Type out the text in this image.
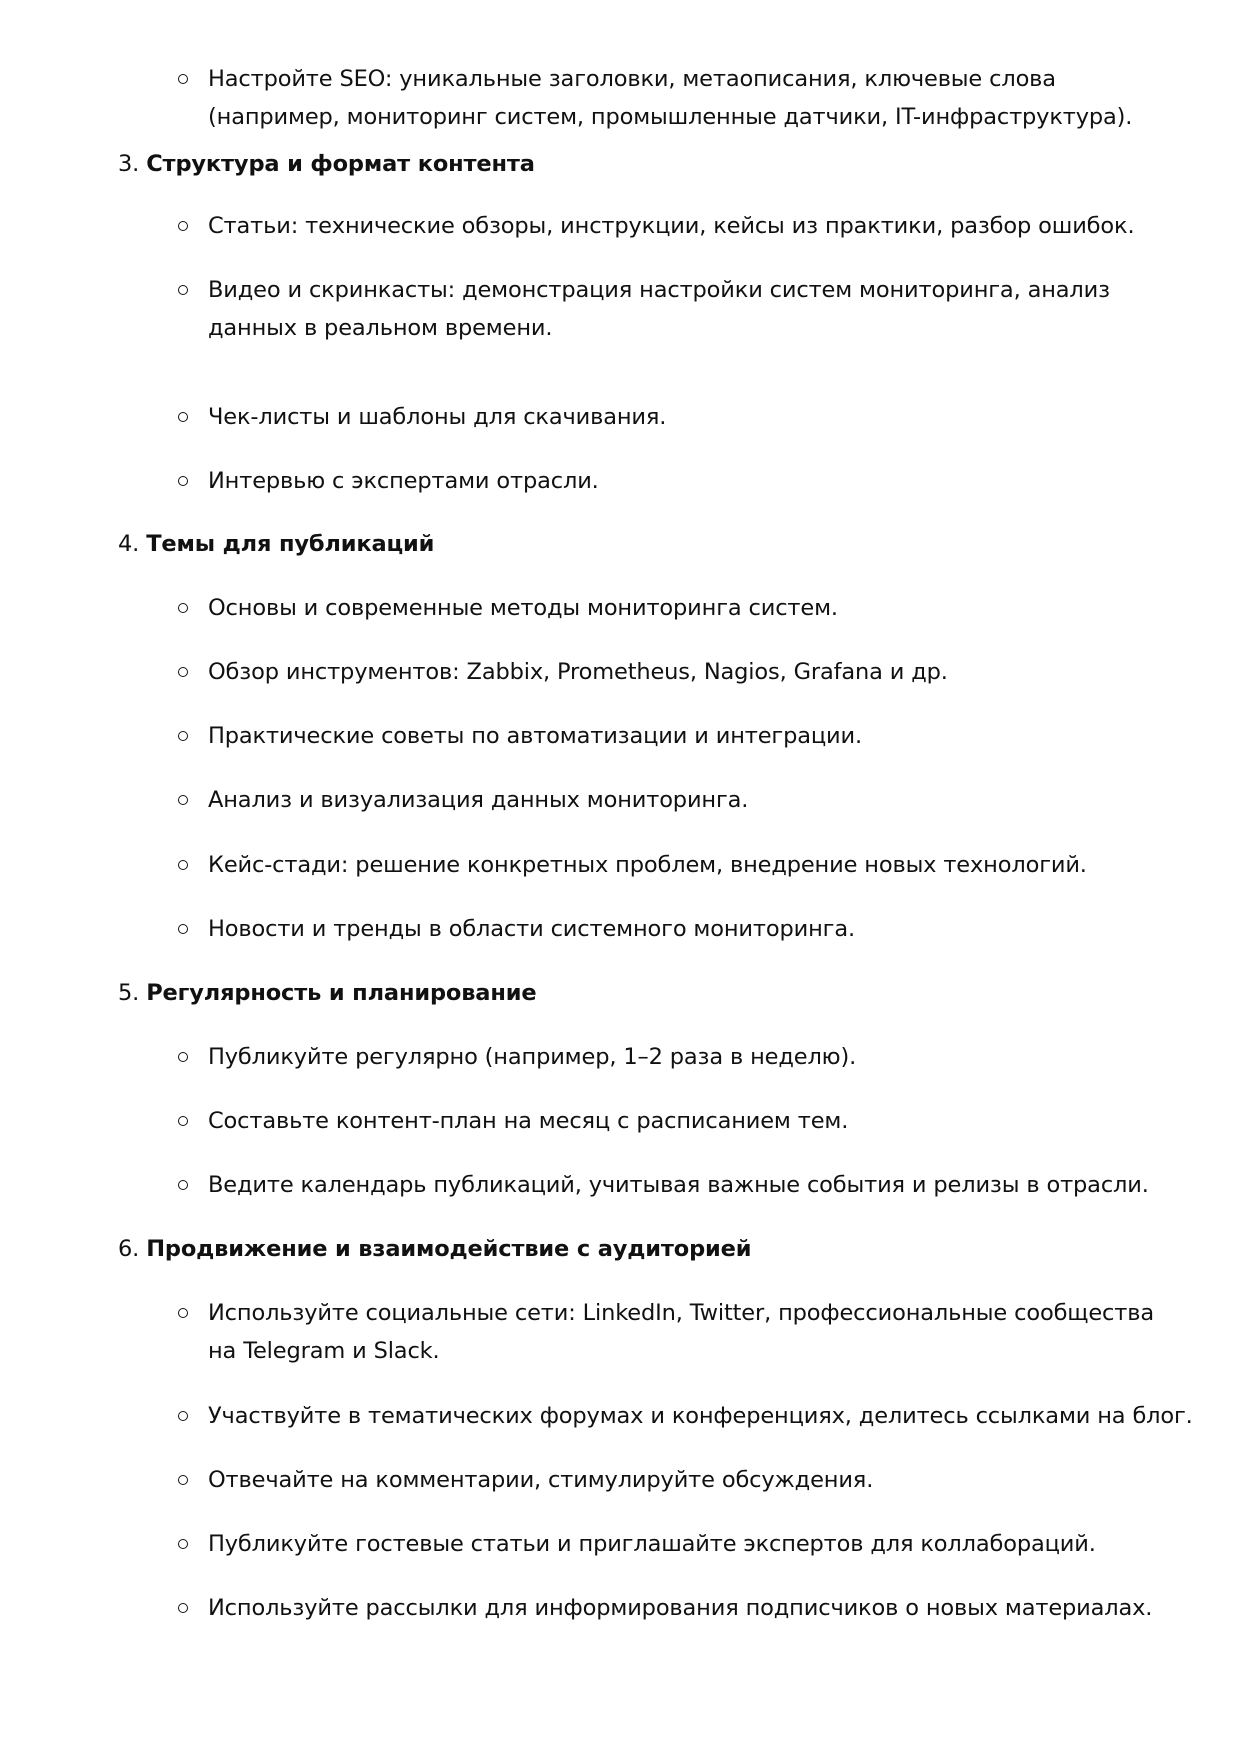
Настройте SEO: уникальные заголовки, метаописания, ключевые слова
(например, мониторинг систем, промышленные датчики, IT-инфраструктура).
3. Структура и формат контента
Статьи: технические обзоры, инструкции, кейсы из практики, разбор ошибок.
Видео и скринкасты: демонстрация настройки систем мониторинга, анализ
данных в реальном времени.
Чек-листы и шаблоны для скачивания.
Интервью с экспертами отрасли.
4. Темы для публикаций
Основы и современные методы мониторинга систем.
Обзор инструментов: Zabbix, Prometheus, Nagios, Grafana и др.
Практические советы по автоматизации и интеграции.
Анализ и визуализация данных мониторинга.
Кейс-стади: решение конкретных проблем, внедрение новых технологий.
Новости и тренды в области системного мониторинга.
5. Регулярность и планирование
Публикуйте регулярно (например, 1–2 раза в неделю).
Составьте контент-план на месяц с расписанием тем.
Ведите календарь публикаций, учитывая важные события и релизы в отрасли.
6. Продвижение и взаимодействие с аудиторией
Используйте социальные сети: LinkedIn, Twitter, профессиональные сообщества
на Telegram и Slack.
Участвуйте в тематических форумах и конференциях, делитесь ссылками на блог.
Отвечайте на комментарии, стимулируйте обсуждения.
Публикуйте гостевые статьи и приглашайте экспертов для коллабораций.
Используйте рассылки для информирования подписчиков о новых материалах.
